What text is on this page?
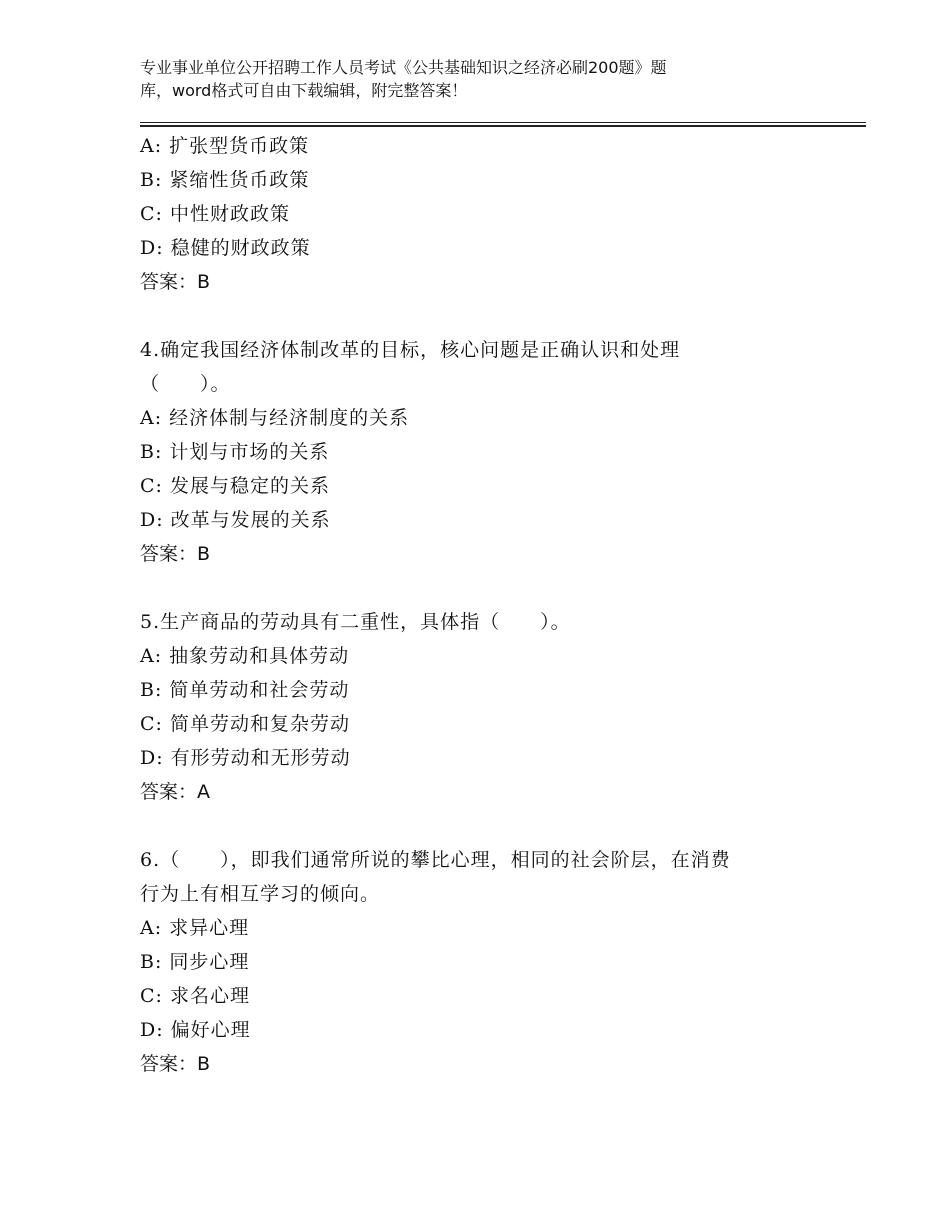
专业事业单位公开招聘工作人员考试《公共基础知识之经济必刷200题》题
库，word格式可自由下载编辑，附完整答案！
A: 扩张型货币政策
B: 紧缩性货币政策
C: 中性财政政策
D: 稳健的财政政策
答案：B
4.确定我国经济体制改革的目标，核心问题是正确认识和处理
（　　）。
A: 经济体制与经济制度的关系
B: 计划与市场的关系
C: 发展与稳定的关系
D: 改革与发展的关系
答案：B
5.生产商品的劳动具有二重性，具体指（　　）。
A: 抽象劳动和具体劳动
B: 简单劳动和社会劳动
C: 简单劳动和复杂劳动
D: 有形劳动和无形劳动
答案：A
6.（　　），即我们通常所说的攀比心理，相同的社会阶层，在消费
行为上有相互学习的倾向。
A: 求异心理
B: 同步心理
C: 求名心理
D: 偏好心理
答案：B
